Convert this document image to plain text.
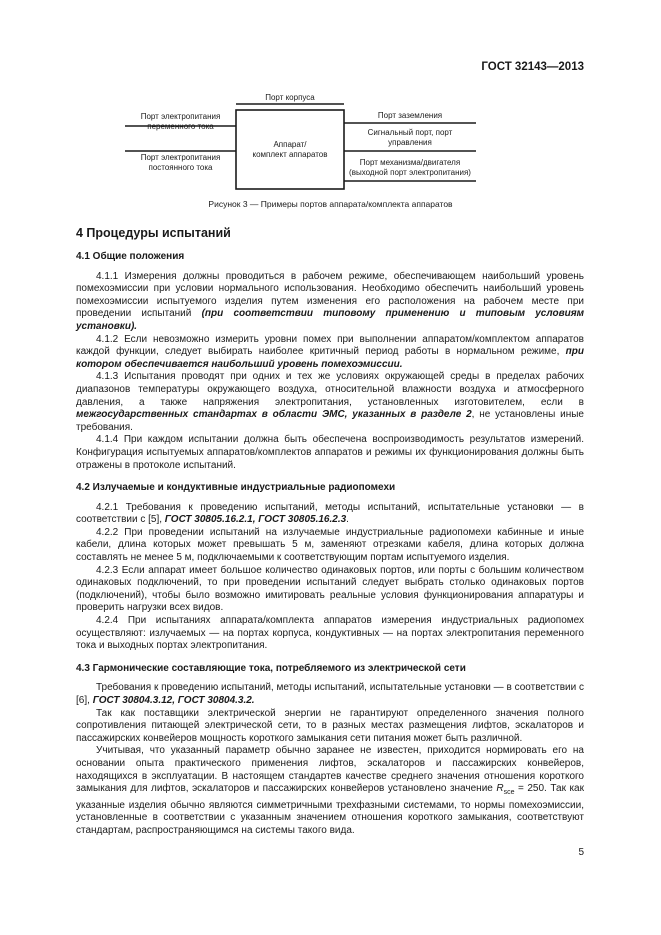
ГОСТ 32143—2013
Порт корпуса
Аппарат/
комплект аппаратов
Порт электропитания
переменного тока
Порт электропитания
постоянного тока
Порт заземления
Сигнальный порт, порт
управления
Порт механизма/двигателя
(выходной порт электропитания)
Рисунок 3 — Примеры портов аппарата/комплекта аппаратов
4 Процедуры испытаний
4.1 Общие положения

4.1.1 Измерения должны проводиться в рабочем режиме, обеспечивающем наибольший уровень помехоэмиссии при условии нормального использования. Необходимо обеспечить наибольший уровень помехоэмиссии испытуемого изделия путем изменения его расположения на рабочем месте при проведении испытаний (при соответствии типовому применению и типовым условиям установки).

4.1.2 Если невозможно измерить уровни помех при выполнении аппаратом/комплектом аппаратов каждой функции, следует выбирать наиболее критичный период работы в нормальном режиме, при котором обеспечивается наибольший уровень помехоэмиссии.

4.1.3 Испытания проводят при одних и тех же условиях окружающей среды в пределах рабочих диапазонов температуры окружающего воздуха, относительной влажности воздуха и атмосферного давления, а также напряжения электропитания, установленных изготовителем, если в межгосударственных стандартах в области ЭМС, указанных в разделе 2, не установлены иные требования.

4.1.4 При каждом испытании должна быть обеспечена воспроизводимость результатов измерений. Конфигурация испытуемых аппаратов/комплектов аппаратов и режимы их функционирования должны быть отражены в протоколе испытаний.

4.2 Излучаемые и кондуктивные индустриальные радиопомехи

4.2.1 Требования к проведению испытаний, методы испытаний, испытательные установки — в соответствии с [5], ГОСТ 30805.16.2.1, ГОСТ 30805.16.2.3.

4.2.2 При проведении испытаний на излучаемые индустриальные радиопомехи кабинные и иные кабели, длина которых может превышать 5 м, заменяют отрезками кабеля, длина которых должна составлять не менее 5 м, подключаемыми к соответствующим портам испытуемого изделия.

4.2.3 Если аппарат имеет большое количество одинаковых портов, или порты с большим количеством одинаковых подключений, то при проведении испытаний следует выбрать столько одинаковых портов (подключений), чтобы было возможно имитировать реальные условия функционирования аппаратуры и проверить нагрузки всех видов.

4.2.4 При испытаниях аппарата/комплекта аппаратов измерения индустриальных радиопомех осуществляют: излучаемых — на портах корпуса, кондуктивных — на портах электропитания переменного тока и выходных портах электропитания.

4.3 Гармонические составляющие тока, потребляемого из электрической сети

Требования к проведению испытаний, методы испытаний, испытательные установки — в соответствии с [6], ГОСТ 30804.3.12, ГОСТ 30804.3.2.

Так как поставщики электрической энергии не гарантируют определенного значения полного сопротивления питающей электрической сети, то в разных местах размещения лифтов, эскалаторов и пассажирских конвейеров мощность короткого замыкания сети питания может быть различной.

Учитывая, что указанный параметр обычно заранее не известен, приходится нормировать его на основании опыта практического применения лифтов, эскалаторов и пассажирских конвейеров, находящихся в эксплуатации. В настоящем стандартев качестве среднего значения отношения короткого замыкания для лифтов, эскалаторов и пассажирских конвейеров установлено значение $R_{sce} = 250$. Так как указанные изделия обычно являются симметричными трехфазными системами, то нормы помехоэмиссии, установленные в соответствии с указанным значением отношения короткого замыкания, соответствуют стандартам, распространяющимся на системы такого вида.

5
